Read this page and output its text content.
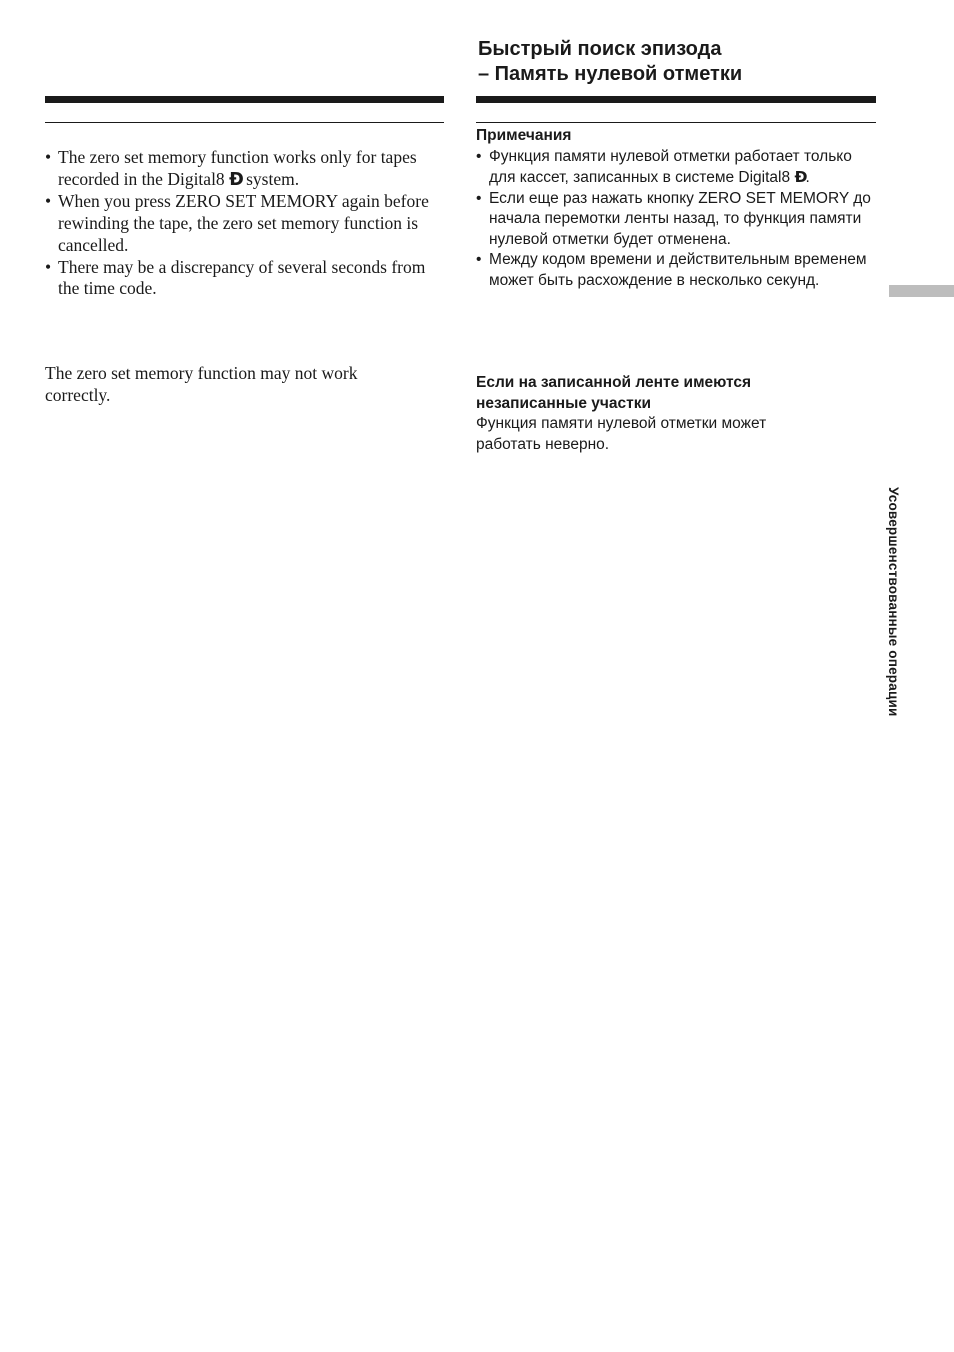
• The zero set memory function works only for tapes recorded in the Digital8 Ð system.
• When you press ZERO SET MEMORY again before rewinding the tape, the zero set memory function is cancelled.
• There may be a discrepancy of several seconds from the time code.
The zero set memory function may not work correctly.
Быстрый поиск эпизода
– Память нулевой отметки
Примечания
• Функция памяти нулевой отметки работает только для кассет, записанных в системе Digital8 Ð.
• Если еще раз нажать кнопку ZERO SET MEMORY до начала перемотки ленты назад, то функция памяти нулевой отметки будет отменена.
• Между кодом времени и действительным временем может быть расхождение в несколько секунд.
Если на записанной ленте имеются незаписанные участки
Функция памяти нулевой отметки может работать неверно.
Усовершенствованные операции
